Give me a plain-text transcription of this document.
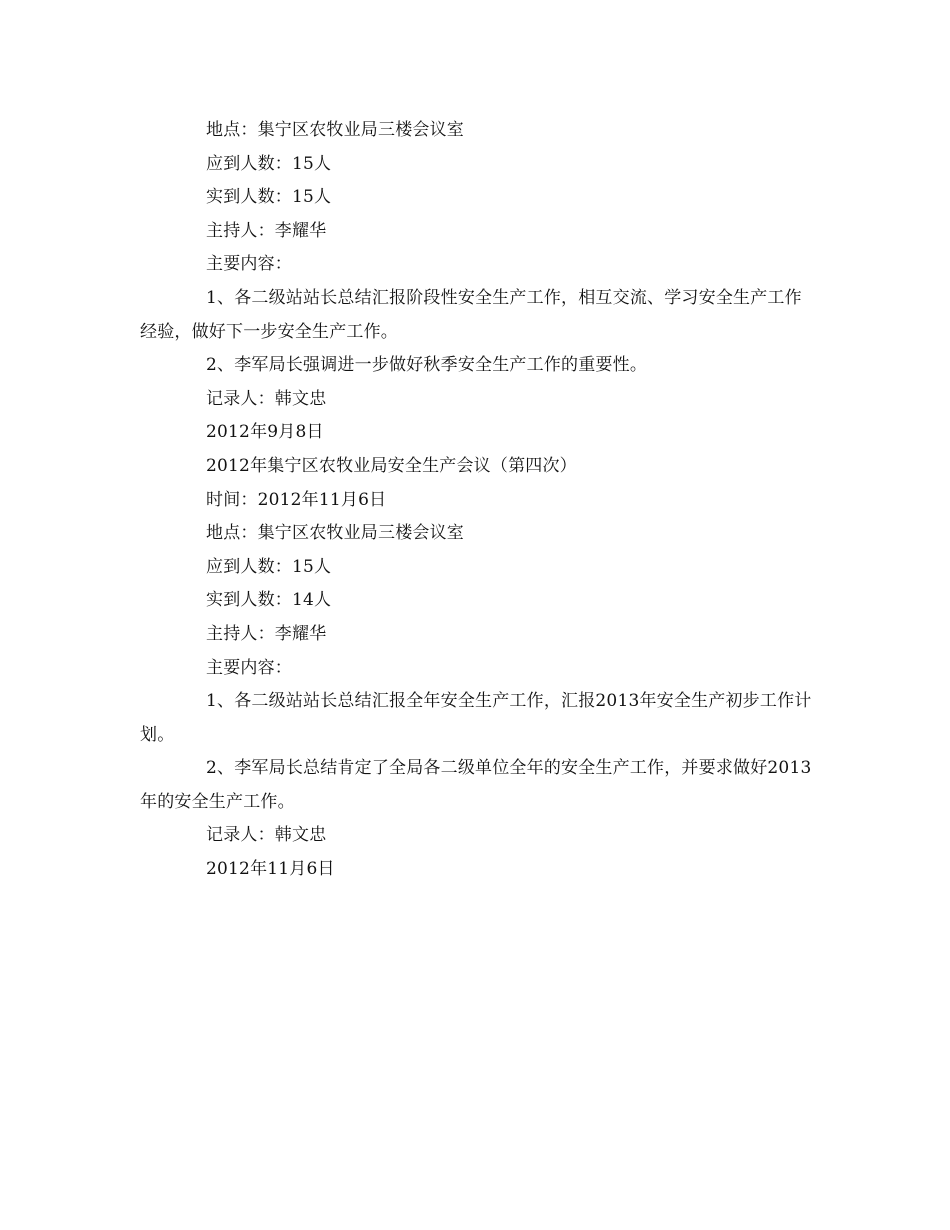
地点：集宁区农牧业局三楼会议室

应到人数：15人

实到人数：15人

主持人：李耀华

主要内容：

1、各二级站站长总结汇报阶段性安全生产工作，相互交流、学习安全生产工作经验，做好下一步安全生产工作。

2、李军局长强调进一步做好秋季安全生产工作的重要性。

记录人：韩文忠

2012年9月8日

2012年集宁区农牧业局安全生产会议（第四次）

时间：2012年11月6日

地点：集宁区农牧业局三楼会议室

应到人数：15人

实到人数：14人

主持人：李耀华

主要内容：

1、各二级站站长总结汇报全年安全生产工作，汇报2013年安全生产初步工作计划。

2、李军局长总结肯定了全局各二级单位全年的安全生产工作，并要求做好2013年的安全生产工作。

记录人：韩文忠

2012年11月6日
